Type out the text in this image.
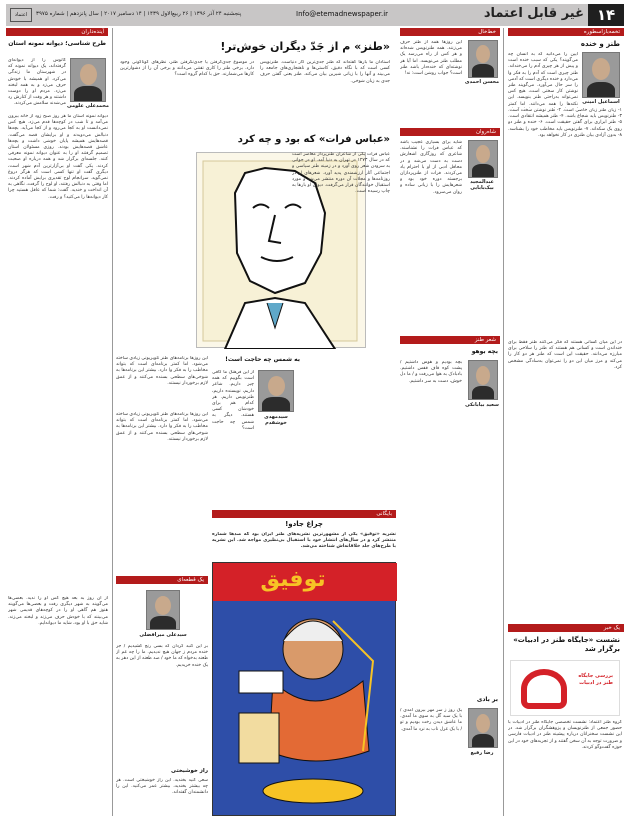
۱۴
غیر قابل اعتماد
Info@etemadnewspaper.ir
پنجشنبه ۲۴ آذر ۱۳۹۶ | ۲۶ ربیع‌الاول ۱۴۳۹ | ۱۴ دسامبر ۲۰۱۷ | سال پانزدهم | شماره ۳۹۷۵
اعتماد
تخمه‌بازاسطوره
طنز و خنده
اسماعیل امینی
آیین را می‌دانید که به انسان چه می‌گویند؟ یکی که سبب خنده است و پیش از هر چیزی آدم را می‌خنداند. طنز چیزی است که آدم را به فکر وا می‌دارد و خنده دیگری است که آدمی را سر حال می‌آورد. می‌گویند طنز نوشتن کار سختی است، هیچ کس نمی‌تواند به‌راحتی طنز بنویسد. این نکته‌ها را همه می‌دانند. اما کمتر
۱- زبان طنز زبان خاصی است. ۲- طنز نوشتن سخت است. ۳- طنزنویس باید شجاع باشد. ۴- طنز همیشه انتقادی است. ۵- طنز ابزاری برای گفتن حقیقت است. ۶- خنده و طنز دو روی یک سکه‌اند. ۷- طنزنویس باید مخاطب خود را بشناسد. ۸- بدون آزادی بیان طنزی در کار نخواهد بود.
در این میان کسانی هستند که فکر می‌کنند طنز فقط برای خنداندن است و کسانی هم هستند که طنز را سلاحی برای مبارزه می‌دانند. حقیقت این است که طنز هر دو کار را می‌کند و مرز میان این دو را نمی‌توان به‌سادگی مشخص کرد.
یک خبر
نشست «جایگاه طنز در ادبیات» برگزار شد
بررسی جایگاه طنز در ادبیات
گروه طنز اعتماد: نشست تخصصی جایگاه طنز در ادبیات با حضور جمعی از طنزنویسان و پژوهشگران برگزار شد. در این نشست سخنرانان درباره پیشینه طنز در ادبیات فارسی و ضرورت توجه به آن سخن گفتند و از تجربه‌های خود در این حوزه گفت‌وگو کردند.
خط‌خال
محسن احمدی
این روزها همه از طنز حرف می‌زنند. همه طنزنویس شده‌اند و هر کس از راه می‌رسد یک مطلب طنز می‌نویسد. اما آیا هر نوشته‌ای که خنده‌دار باشد طنز است؟ جواب روشن است: نه!
شاه‌روان
عبدالمجید بیک‌بابایی
شاید برای بسیاری عجیب باشد که عباس فرات را نشناسند. شاعری که روزگاری اشعارش دست به دست می‌شد و در محافل ادبی از او با احترام یاد می‌کردند. فرات از طنزپردازان برجسته دوره خود بود و شعرهایش را با زبانی ساده و روان می‌سرود.
«طنز» م از جَدّ دیگران خوش‌تر!
استادان ما بارها گفته‌اند که طنز جدی‌ترین کار دنیاست. طنزنویس کسی است که با نگاه دقیق، کاستی‌ها و ناهنجاری‌های جامعه را می‌بیند و آنها را با زبانی شیرین بیان می‌کند. طنز یعنی گفتن حرف جدی به زبان شوخی.
در موضوع جدی‌گرفتن یا جدی‌نگرفتن طنز، نظرهای گوناگونی وجود دارد. برخی طنز را کاری تفننی می‌دانند و برخی آن را از دشوارترین کارها می‌شمارند. حق با کدام گروه است؟
«عباس فرات» كه بود و چه كرد
عباس فرات یکی از شاعران طنزپرداز معاصر است که در سال ۱۲۷۳ در تهران به دنیا آمد. او در جوانی به سرودن شعر روی آورد و در زمینه طنز سیاسی و اجتماعی آثار ارزشمندی پدید آورد. شعرهای او در روزنامه‌ها و مجلات آن دوره منتشر می‌شد و مورد استقبال خوانندگان قرار می‌گرفت. دیوان او بارها به چاپ رسیده است.
آینده‌داران
طرح شناسی؛ دیوانه نمونه استان
محمدعلی علومی
کاتوس را از دیوانه‌ای گرفته‌اند، یک دیوانه نمونه که در شهرستان ما زندگی می‌کرد. او همیشه با خودش حرف می‌زد و به همه لبخند می‌زد. مردم او را دوست داشتند و هر وقت از کنارش رد می‌شدند سلامش می‌کردند.
دیوانه نمونه استان ما هر روز صبح زود از خانه بیرون می‌آمد و تا شب در کوچه‌ها قدم می‌زد. هیچ کس نمی‌دانست او به کجا می‌رود و از کجا می‌آید. بچه‌ها دنبالش می‌دویدند و او برایشان قصه می‌گفت. قصه‌هایش همیشه پایان خوشی داشت و بچه‌ها عاشق قصه‌هایش بودند. روزی مسئولان استان تصمیم گرفتند او را به عنوان دیوانه نمونه معرفی کنند. جلسه‌ای برگزار شد و همه درباره او صحبت کردند. یکی گفت او بی‌آزارترین آدم شهر است، دیگری گفت او تنها کسی است که هرگز دروغ نمی‌گوید. سرانجام لوح تقدیری برایش آماده کردند. اما وقتی به دنبالش رفتند، او لوح را گرفت، نگاهی به آن انداخت و خندید. گفت: شما که عاقل هستید چرا کار دیوانه‌ها را می‌کنید؟ و رفت.
از آن روز به بعد هیچ کس او را ندید. بعضی‌ها می‌گویند به شهر دیگری رفت و بعضی‌ها می‌گویند هنوز هم گاهی او را در کوچه‌های قدیمی شهر می‌بینند که با خودش حرف می‌زند و لبخند می‌زند. شاید حق با او بود، شاید ما دیوانه‌ایم.
این روزها برنامه‌های طنز تلویزیونی زیادی ساخته می‌شود. اما کمتر برنامه‌ای است که بتواند مخاطب را به فکر وا دارد. بیشتر این برنامه‌ها به شوخی‌های سطحی بسنده می‌کنند و از عمق لازم برخوردار نیستند.
به شمس چه حاجت است!
سیدمهدی خوشقدم
از این فرهنگ ما کافی است بگوییم که همه چیز داریم. شاعر داریم، نویسنده داریم، طنزنویس داریم. هر کدام هم برای خودشان کسی هستند. دیگر به شمس چه حاجت است؟
این روزها برنامه‌های طنز تلویزیونی زیادی ساخته می‌شود. اما کمتر برنامه‌ای است که بتواند مخاطب را به فکر وا دارد. بیشتر این برنامه‌ها به شوخی‌های سطحی بسنده می‌کنند و از عمق لازم برخوردار نیستند.
یک قطعه‌ای
سیدعلی میرافضلی
بر این گنبد گردان که بسی رنج کشیدیم / جز خنده مردم ز جهان هیچ ندیدیم. ما را چه غم از طعنه بدخواه که ما خود / صد طعنه از این دهر به یک خنده خریدیم.
راز خوشبختی
سعی کنید بخندید. این راز خوشبختی است. هر چه بیشتر بخندید، بیشتر عمر می‌کنید. این را دانشمندان گفته‌اند.
شعر طنز
بچه بوهو
سعید بیابانکی
بچه بودیم و هوس داشتیم / پشت کوه قاف قفس داشتیم. بادبادک به هوا می‌رفت و / ما دل خوش، دست به سر داشتیم.
بر بادی
رضا رفیع
یک روز ز سر مهر بیرون آمدی / با یک سبد گل به سوی ما آمدی. ما عاشق دیدن رخت بودیم و تو / با یک غزل ناب به نزد ما آمدی.
بایگانی
چراغ جادو!
نشریه «توفیق» یکی از مشهورترین نشریه‌های طنز ایران بود که صدها شماره منتشر کرد و در سال‌های انتشار خود با استقبال بی‌نظیری مواجه شد. این نشریه با طرح‌های جلد خلاقانه‌اش شناخته می‌شد.
توفیق
